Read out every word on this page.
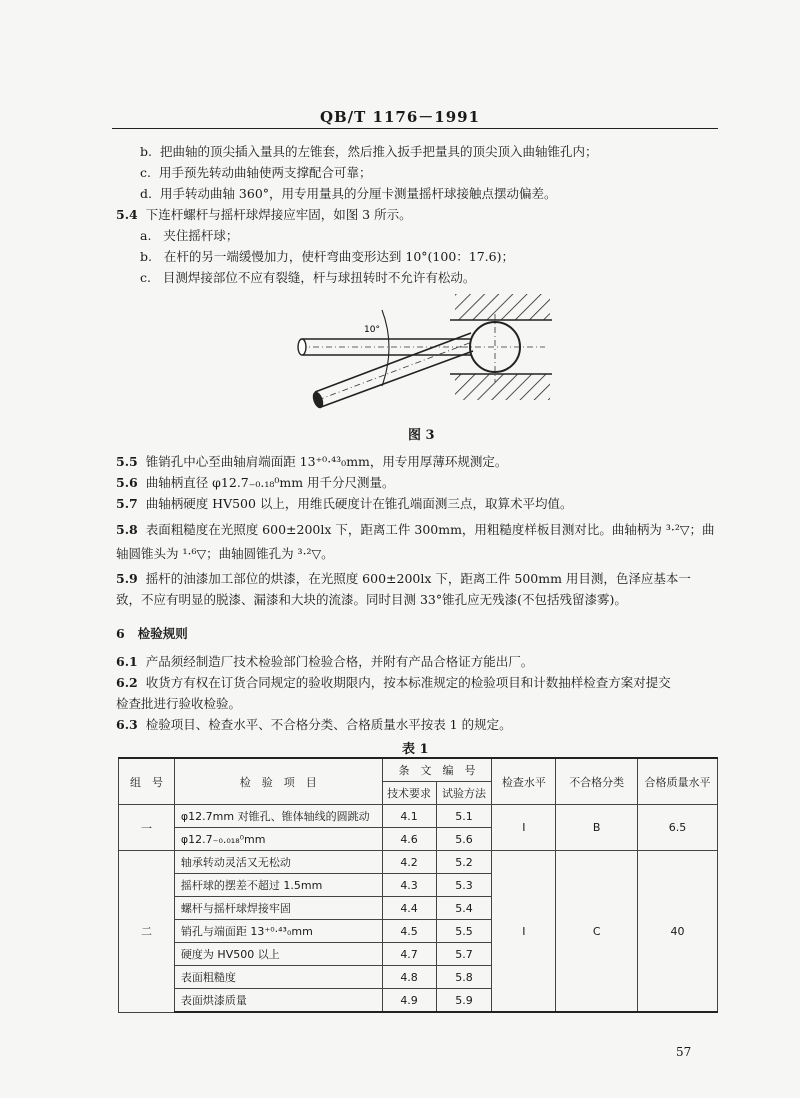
QB/T 1176－1991
b. 把曲轴的顶尖插入量具的左锥套，然后推入扳手把量具的顶尖顶入曲轴锥孔内；
c. 用手预先转动曲轴使两支撑配合可靠；
d. 用手转动曲轴 360°，用专用量具的分厘卡测量摇杆球接触点摆动偏差。
5.4 下连杆螺杆与摇杆球焊接应牢固，如图 3 所示。
a. 夹住摇杆球；
b. 在杆的另一端缓慢加力，使杆弯曲变形达到 10°(100：17.6)；
c. 目测焊接部位不应有裂缝，杆与球扭转时不允许有松动。
10°
图 3
5.5 锥销孔中心至曲轴肩端面距 13⁺⁰·⁴³₀mm，用专用厚薄环规测定。
5.6 曲轴柄直径 φ12.7₋₀.₁₈⁰mm 用千分尺测量。
5.7 曲轴柄硬度 HV500 以上，用维氏硬度计在锥孔端面测三点，取算术平均值。
5.8 表面粗糙度在光照度 600±200lx 下，距离工件 300mm，用粗糙度样板目测对比。曲轴柄为 ³·²▽；曲
轴圆锥头为 ¹·⁶▽；曲轴圆锥孔为 ³·²▽。
5.9 摇杆的油漆加工部位的烘漆，在光照度 600±200lx 下，距离工件 500mm 用目测，色泽应基本一
致，不应有明显的脱漆、漏漆和大块的流漆。同时目测 33°锥孔应无残漆(不包括残留漆雾)。
6 检验规则
6.1 产品须经制造厂技术检验部门检验合格，并附有产品合格证方能出厂。
6.2 收货方有权在订货合同规定的验收期限内，按本标准规定的检验项目和计数抽样检查方案对提交
检查批进行验收检验。
6.3 检验项目、检查水平、不合格分类、合格质量水平按表 1 的规定。
表 1
组　号	检　验　项　目	条　文　编　号		检查水平	不合格分类	合格质量水平
		技术要求	试验方法			
一	φ12.7mm 对锥孔、锥体轴线的圆跳动	4.1	5.1	I	B	6.5
	φ12.7₋₀.₀₁₈⁰mm	4.6	5.6			
二	轴承转动灵活又无松动	4.2	5.2	I	C	40
	摇杆球的摆差不超过 1.5mm	4.3	5.3			
	螺杆与摇杆球焊接牢固	4.4	5.4			
	销孔与端面距 13⁺⁰·⁴³₀mm	4.5	5.5			
	硬度为 HV500 以上	4.7	5.7			
	表面粗糙度	4.8	5.8			
	表面烘漆质量	4.9	5.9			
57
